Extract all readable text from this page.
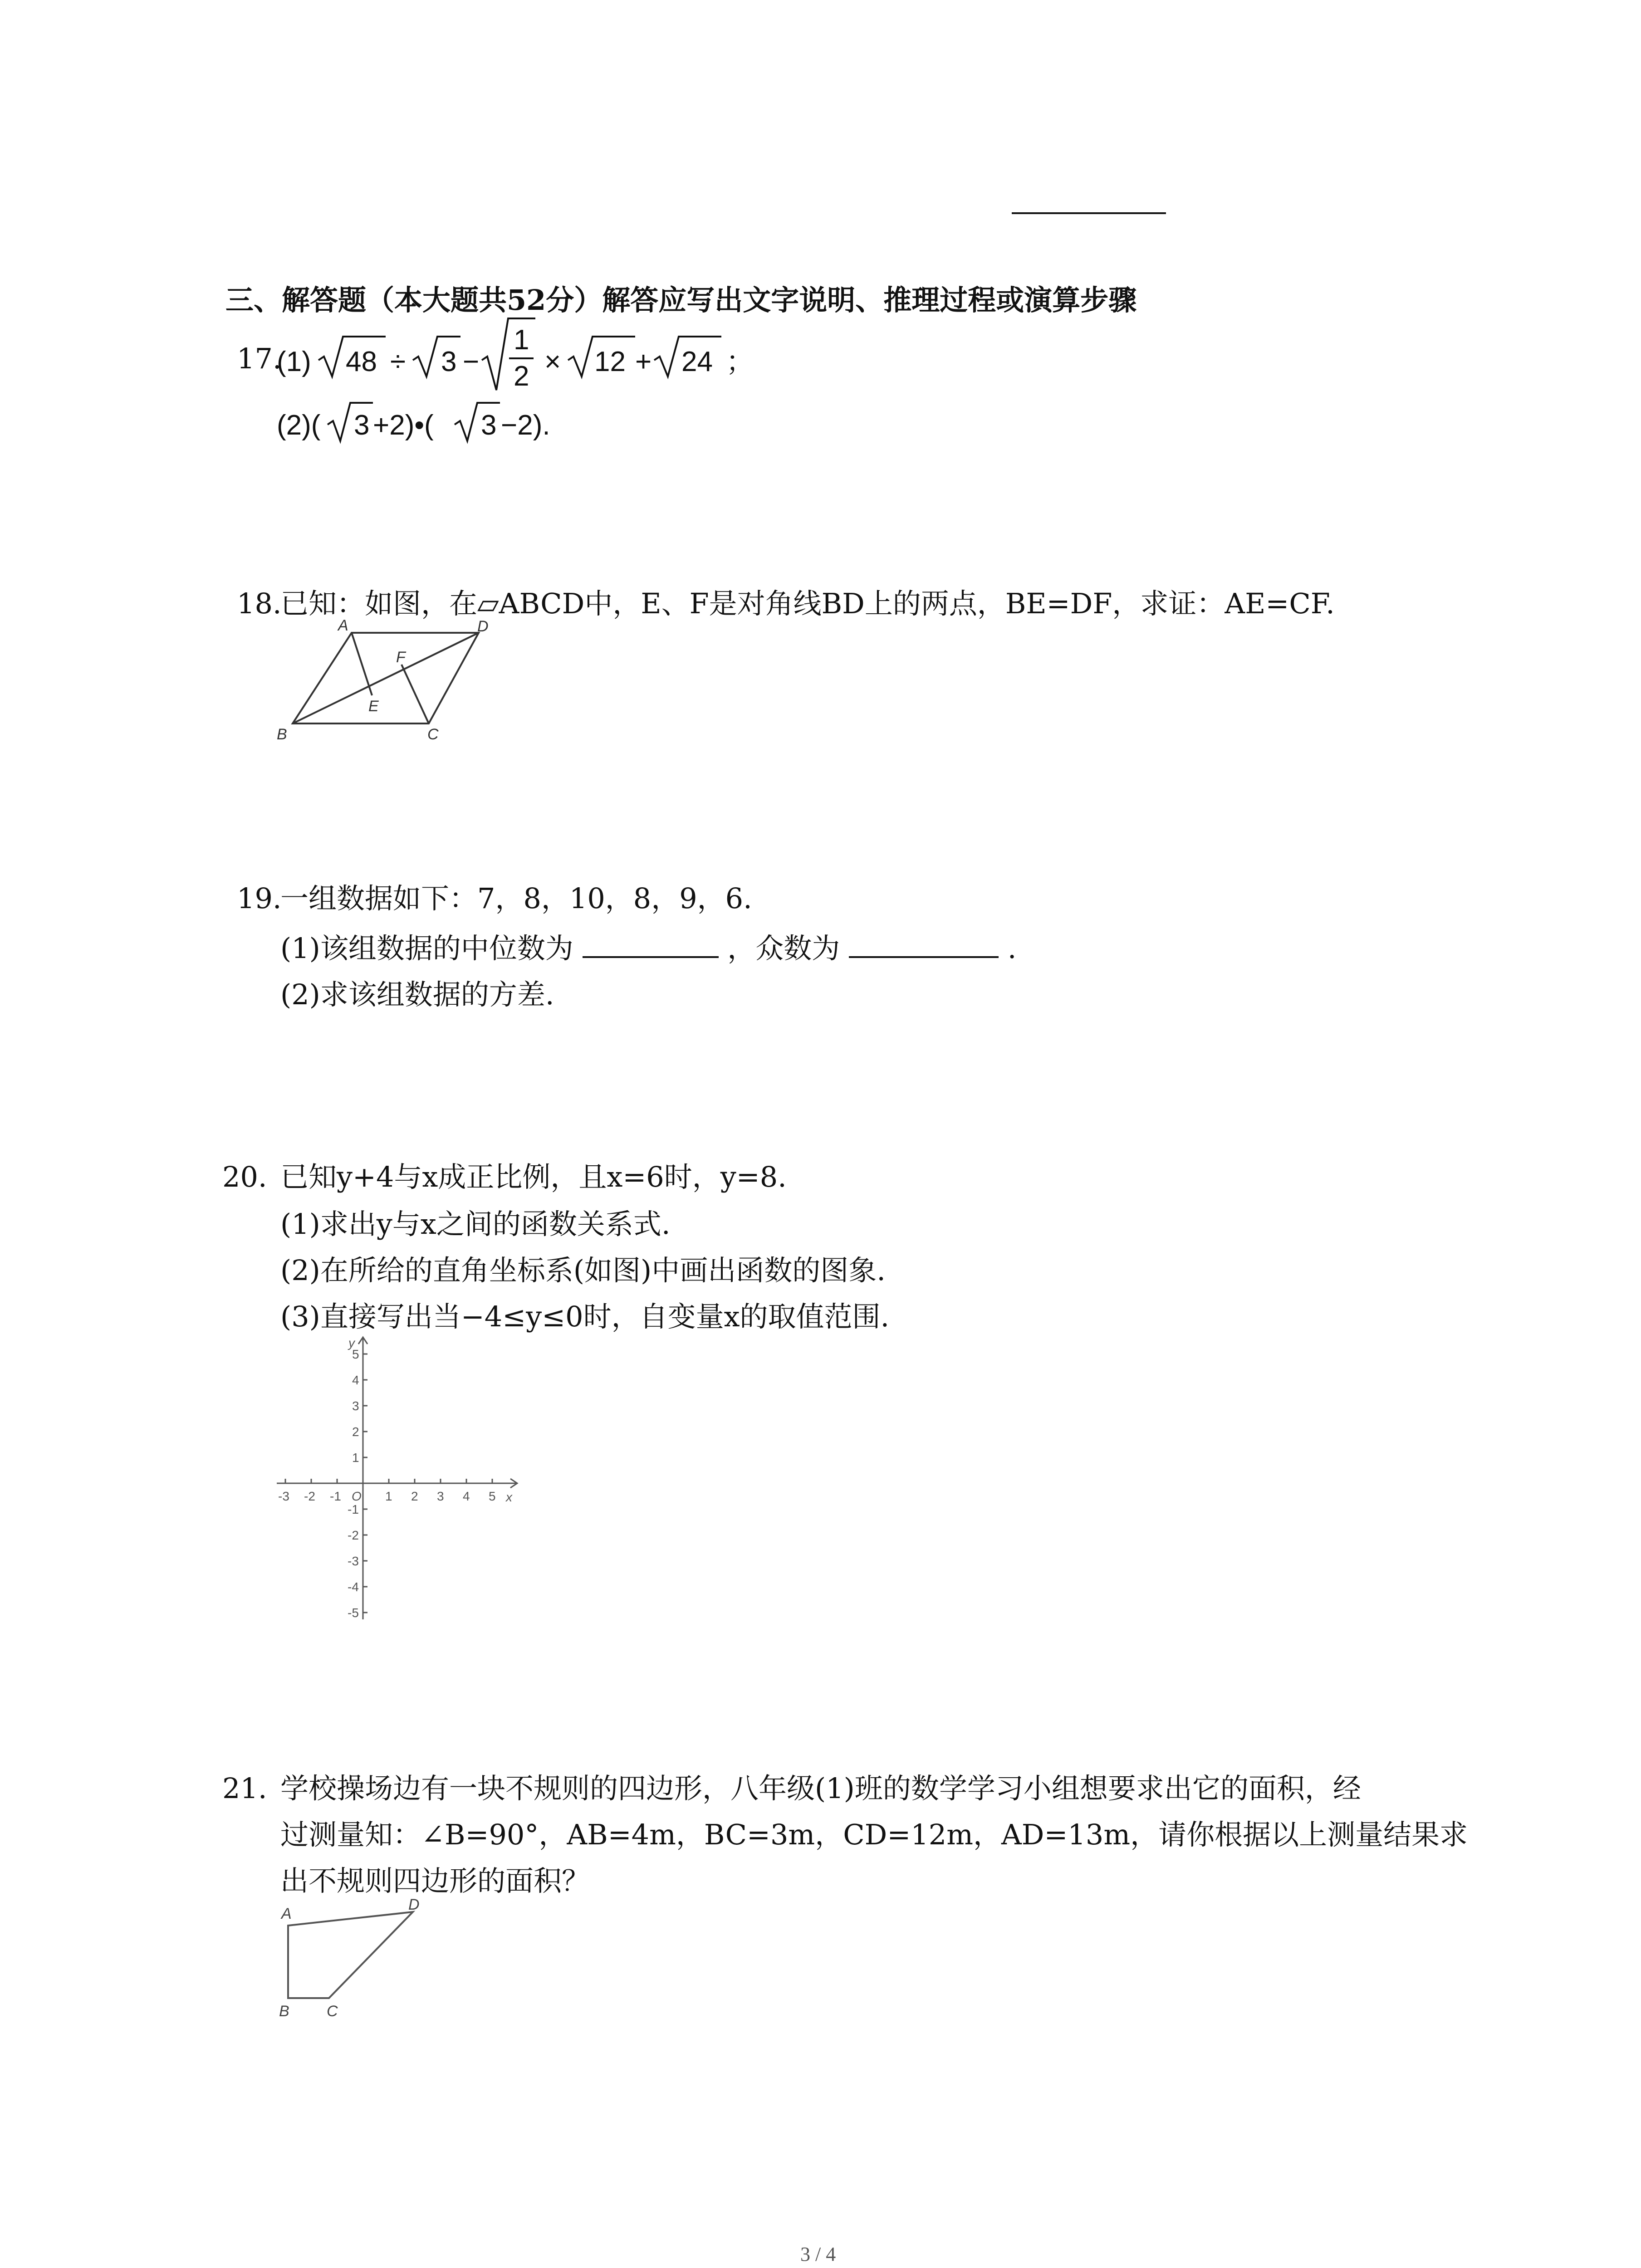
三、解答题（本大题共52分）解答应写出文字说明、推理过程或演算步骤
17.
(1) 48 ÷ 3 −
1
2 × 12 + 24 ；
(2)( 3 +2)•( 3 −2).
18.
已知：如图，在▱ABCD中，E、F是对角线BD上的两点，BE=DF，求证：AE=CF.
A	D
B	C
F
E
19.
一组数据如下：7，8，10，8，9，6.
(1)该组数据的中位数为	，众数为	.
(2)求该组数据的方差.
20. 已知y+4与x成正比例，且x=6时，y=8.
(1)求出y与x之间的函数关系式.
(2)在所给的直角坐标系(如图)中画出函数的图象.
(3)直接写出当−4≤y≤0时，自变量x的取值范围.
x
y
O
-3 -2 -1	1 2 3 4 5
5
4
3
2
1
-1
-2
-3
-4
-5
21. 学校操场边有一块不规则的四边形，八年级(1)班的数学学习小组想要求出它的面积，经
过测量知：∠B=90°，AB=4m，BC=3m，CD=12m，AD=13m，请你根据以上测量结果求
出不规则四边形的面积？
A
D
B C
3 / 4
